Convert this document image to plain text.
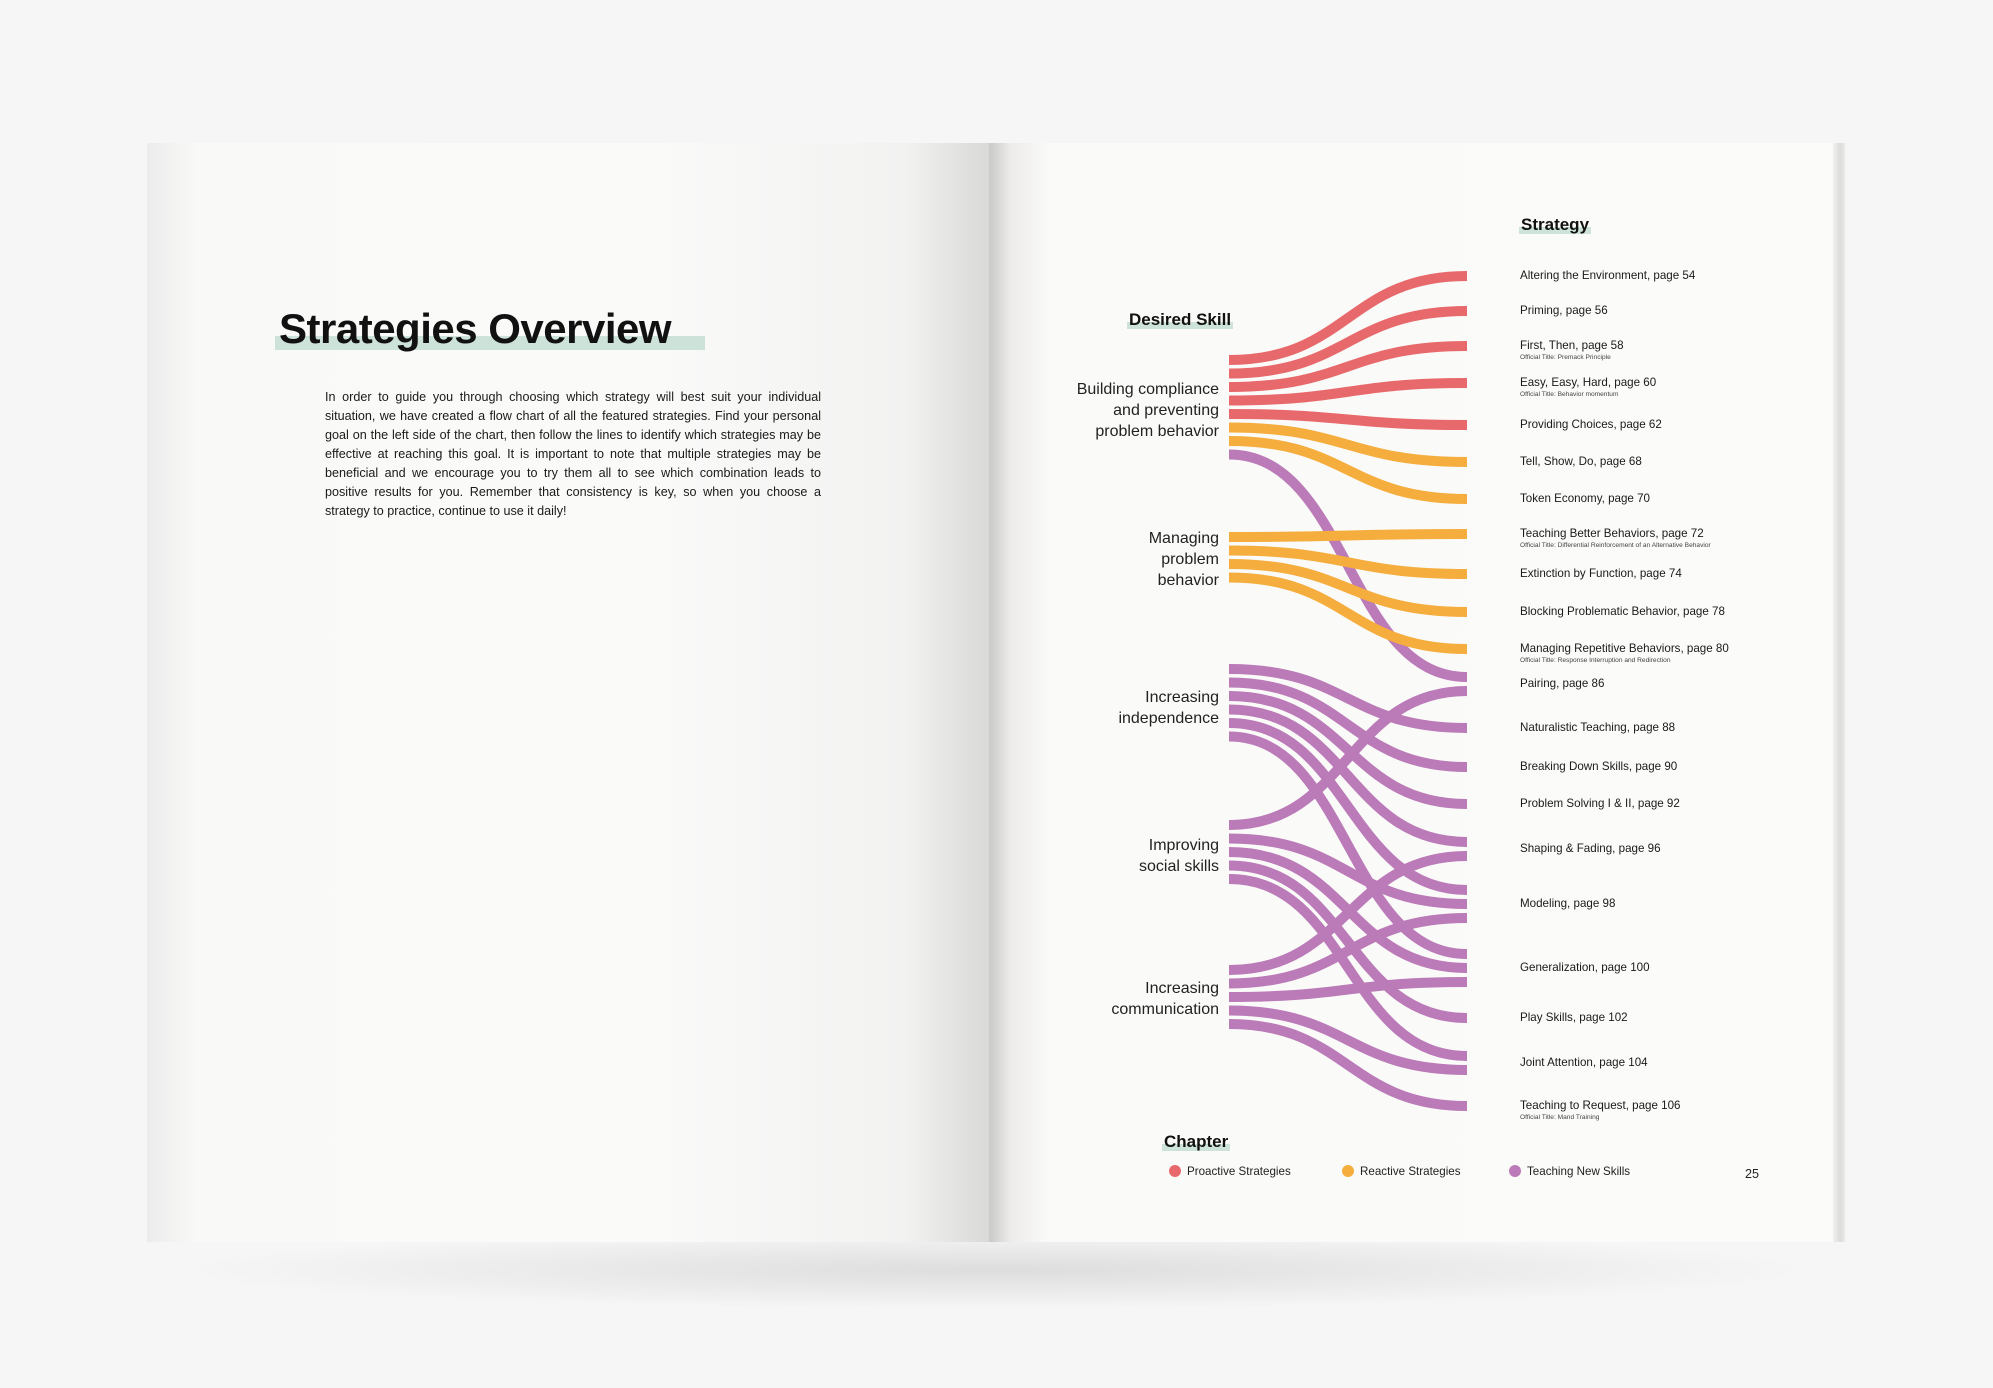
Strategies Overview

In order to guide you through choosing which strategy will best suit your individual situation, we have created a flow chart of all the featured strategies. Find your personal goal on the left side of the chart, then follow the lines to identify which strategies may be effective at reaching this goal. It is important to note that multiple strategies may be beneficial and we encourage you to try them all to see which combination leads to positive results for you. Remember that consistency is key, so when you choose a strategy to practice, continue to use it daily!

Strategy
Desired Skill
Building compliance
and preventing
problem behavior
Managing
problem
behavior
Increasing
independence
Improving
social skills
Increasing
communication
Altering the Environment, page 54
Priming, page 56
First, Then, page 58
Official Title: Premack Principle
Easy, Easy, Hard, page 60
Official Title: Behavior momentum
Providing Choices, page 62
Tell, Show, Do, page 68
Token Economy, page 70
Teaching Better Behaviors, page 72
Official Title: Differential Reinforcement of an Alternative Behavior
Extinction by Function, page 74
Blocking Problematic Behavior, page 78
Managing Repetitive Behaviors, page 80
Official Title: Response Interruption and Redirection
Pairing, page 86
Naturalistic Teaching, page 88
Breaking Down Skills, page 90
Problem Solving I & II, page 92
Shaping & Fading, page 96
Modeling, page 98
Generalization, page 100
Play Skills, page 102
Joint Attention, page 104
Teaching to Request, page 106
Official Title: Mand Training
Chapter
Proactive Strategies	Reactive Strategies	Teaching New Skills	25
